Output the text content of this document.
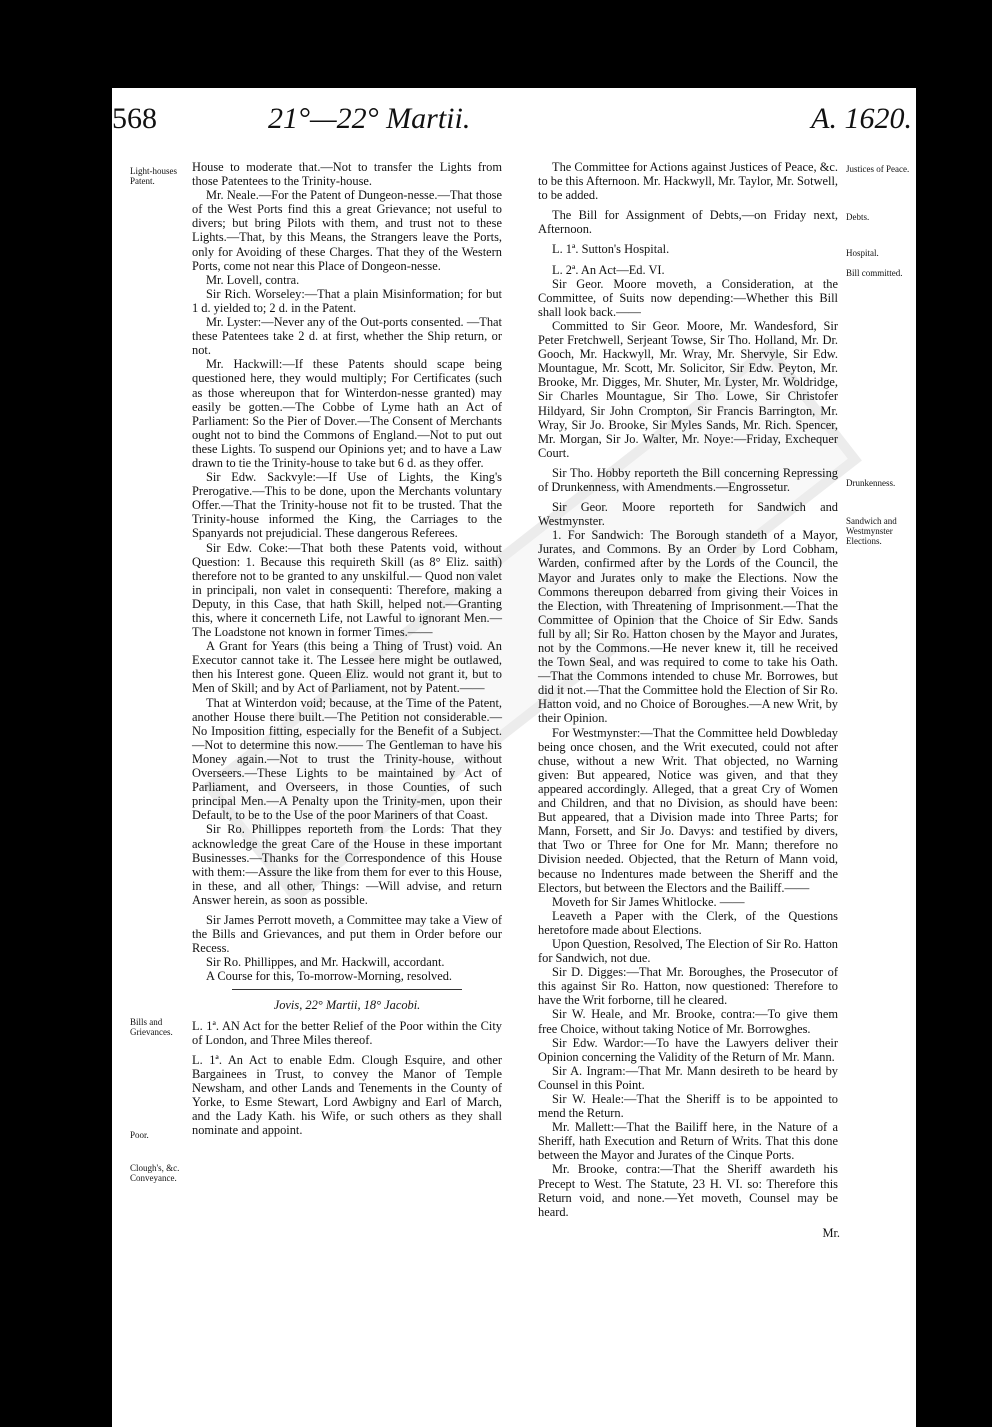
568	21°—22° Martii.	A. 1620.
Light-houses Patent.
Bills and Grievances.
Poor.
Clough's, &c. Conveyance.
Justices of Peace.
Debts.
Hospital.
Bill committed.
Drunkenness.
Sandwich and Westmynster Elections.

House to moderate that.—Not to transfer the Lights from those Patentees to the Trinity-house.

Mr. Neale.—For the Patent of Dungeon-nesse.—That those of the West Ports find this a great Grievance; not useful to divers; but bring Pilots with them, and trust not to these Lights.—That, by this Means, the Strangers leave the Ports, only for Avoiding of these Charges. That they of the Western Ports, come not near this Place of Dongeon-nesse.

Mr. Lovell, contra.

Sir Rich. Worseley:—That a plain Misinformation; for but 1 d. yielded to; 2 d. in the Patent.

Mr. Lyster:—Never any of the Out-ports consented. —That these Patentees take 2 d. at first, whether the Ship return, or not.

Mr. Hackwill:—If these Patents should scape being questioned here, they would multiply; For Certificates (such as those whereupon that for Winterdon-nesse granted) may easily be gotten.—The Cobbe of Lyme hath an Act of Parliament: So the Pier of Dover.—The Consent of Merchants ought not to bind the Commons of England.—Not to put out these Lights. To suspend our Opinions yet; and to have a Law drawn to tie the Trinity-house to take but 6 d. as they offer.

Sir Edw. Sackvyle:—If Use of Lights, the King's Prerogative.—This to be done, upon the Merchants voluntary Offer.—That the Trinity-house not fit to be trusted. That the Trinity-house informed the King, the Carriages to the Spanyards not prejudicial. These dangerous Referees.

Sir Edw. Coke:—That both these Patents void, without Question: 1. Because this requireth Skill (as 8° Eliz. saith) therefore not to be granted to any unskilful.— Quod non valet in principali, non valet in consequenti: Therefore, making a Deputy, in this Case, that hath Skill, helped not.—Granting this, where it concerneth Life, not Lawful to ignorant Men.—The Loadstone not known in former Times.——

A Grant for Years (this being a Thing of Trust) void. An Executor cannot take it. The Lessee here might be outlawed, then his Interest gone. Queen Eliz. would not grant it, but to Men of Skill; and by Act of Parliament, not by Patent.——

That at Winterdon void; because, at the Time of the Patent, another House there built.—The Petition not considerable.—No Imposition fitting, especially for the Benefit of a Subject.—Not to determine this now.—— The Gentleman to have his Money again.—Not to trust the Trinity-house, without Overseers.—These Lights to be maintained by Act of Parliament, and Overseers, in those Counties, of such principal Men.—A Penalty upon the Trinity-men, upon their Default, to be to the Use of the poor Mariners of that Coast.

Sir Ro. Phillippes reporteth from the Lords: That they acknowledge the great Care of the House in these important Businesses.—Thanks for the Correspondence of this House with them:—Assure the like from them for ever to this House, in these, and all other, Things: —Will advise, and return Answer herein, as soon as possible.

Sir James Perrott moveth, a Committee may take a View of the Bills and Grievances, and put them in Order before our Recess.

Sir Ro. Phillippes, and Mr. Hackwill, accordant.

A Course for this, To-morrow-Morning, resolved.

Jovis, 22° Martii, 18° Jacobi.

L. 1ª. AN Act for the better Relief of the Poor within the City of London, and Three Miles thereof.

L. 1ª. An Act to enable Edm. Clough Esquire, and other Bargainees in Trust, to convey the Manor of Temple Newsham, and other Lands and Tenements in the County of Yorke, to Esme Stewart, Lord Awbigny and Earl of March, and the Lady Kath. his Wife, or such others as they shall nominate and appoint.

The Committee for Actions against Justices of Peace, &c. to be this Afternoon. Mr. Hackwyll, Mr. Taylor, Mr. Sotwell, to be added.

The Bill for Assignment of Debts,—on Friday next, Afternoon.

L. 1ª. Sutton's Hospital.

L. 2ª. An Act—Ed. VI.

Sir Geor. Moore moveth, a Consideration, at the Committee, of Suits now depending:—Whether this Bill shall look back.——

Committed to Sir Geor. Moore, Mr. Wandesford, Sir Peter Fretchwell, Serjeant Towse, Sir Tho. Holland, Mr. Dr. Gooch, Mr. Hackwyll, Mr. Wray, Mr. Shervyle, Sir Edw. Mountague, Mr. Scott, Mr. Solicitor, Sir Edw. Peyton, Mr. Brooke, Mr. Digges, Mr. Shuter, Mr. Lyster, Mr. Woldridge, Sir Charles Mountague, Sir Tho. Lowe, Sir Christofer Hildyard, Sir John Crompton, Sir Francis Barrington, Mr. Wray, Sir Jo. Brooke, Sir Myles Sands, Mr. Rich. Spencer, Mr. Morgan, Sir Jo. Walter, Mr. Noye:—Friday, Exchequer Court.

Sir Tho. Hobby reporteth the Bill concerning Repressing of Drunkenness, with Amendments.—Engrossetur.

Sir Geor. Moore reporteth for Sandwich and Westmynster.

1. For Sandwich: The Borough standeth of a Mayor, Jurates, and Commons. By an Order by Lord Cobham, Warden, confirmed after by the Lords of the Council, the Mayor and Jurates only to make the Elections. Now the Commons thereupon debarred from giving their Voices in the Election, with Threatening of Imprisonment.—That the Committee of Opinion that the Choice of Sir Edw. Sands full by all; Sir Ro. Hatton chosen by the Mayor and Jurates, not by the Commons.—He never knew it, till he received the Town Seal, and was required to come to take his Oath.—That the Commons intended to chuse Mr. Borrowes, but did it not.—That the Committee hold the Election of Sir Ro. Hatton void, and no Choice of Boroughes.—A new Writ, by their Opinion.

For Westmynster:—That the Committee held Dowbleday being once chosen, and the Writ executed, could not after chuse, without a new Writ. That objected, no Warning given: But appeared, Notice was given, and that they appeared accordingly. Alleged, that a great Cry of Women and Children, and that no Division, as should have been: But appeared, that a Division made into Three Parts; for Mann, Forsett, and Sir Jo. Davys: and testified by divers, that Two or Three for One for Mr. Mann; therefore no Division needed. Objected, that the Return of Mann void, because no Indentures made between the Sheriff and the Electors, but between the Electors and the Bailiff.——

Moveth for Sir James Whitlocke. ——

Leaveth a Paper with the Clerk, of the Questions heretofore made about Elections.

Upon Question, Resolved, The Election of Sir Ro. Hatton for Sandwich, not due.

Sir D. Digges:—That Mr. Boroughes, the Prosecutor of this against Sir Ro. Hatton, now questioned: Therefore to have the Writ forborne, till he cleared.

Sir W. Heale, and Mr. Brooke, contra:—To give them free Choice, without taking Notice of Mr. Borrowghes.

Sir Edw. Wardor:—To have the Lawyers deliver their Opinion concerning the Validity of the Return of Mr. Mann.

Sir A. Ingram:—That Mr. Mann desireth to be heard by Counsel in this Point.

Sir W. Heale:—That the Sheriff is to be appointed to mend the Return.

Mr. Mallett:—That the Bailiff here, in the Nature of a Sheriff, hath Execution and Return of Writs. That this done between the Mayor and Jurates of the Cinque Ports.

Mr. Brooke, contra:—That the Sheriff awardeth his Precept to West. The Statute, 23 H. VI. so: Therefore this Return void, and none.—Yet moveth, Counsel may be heard.

Mr.
